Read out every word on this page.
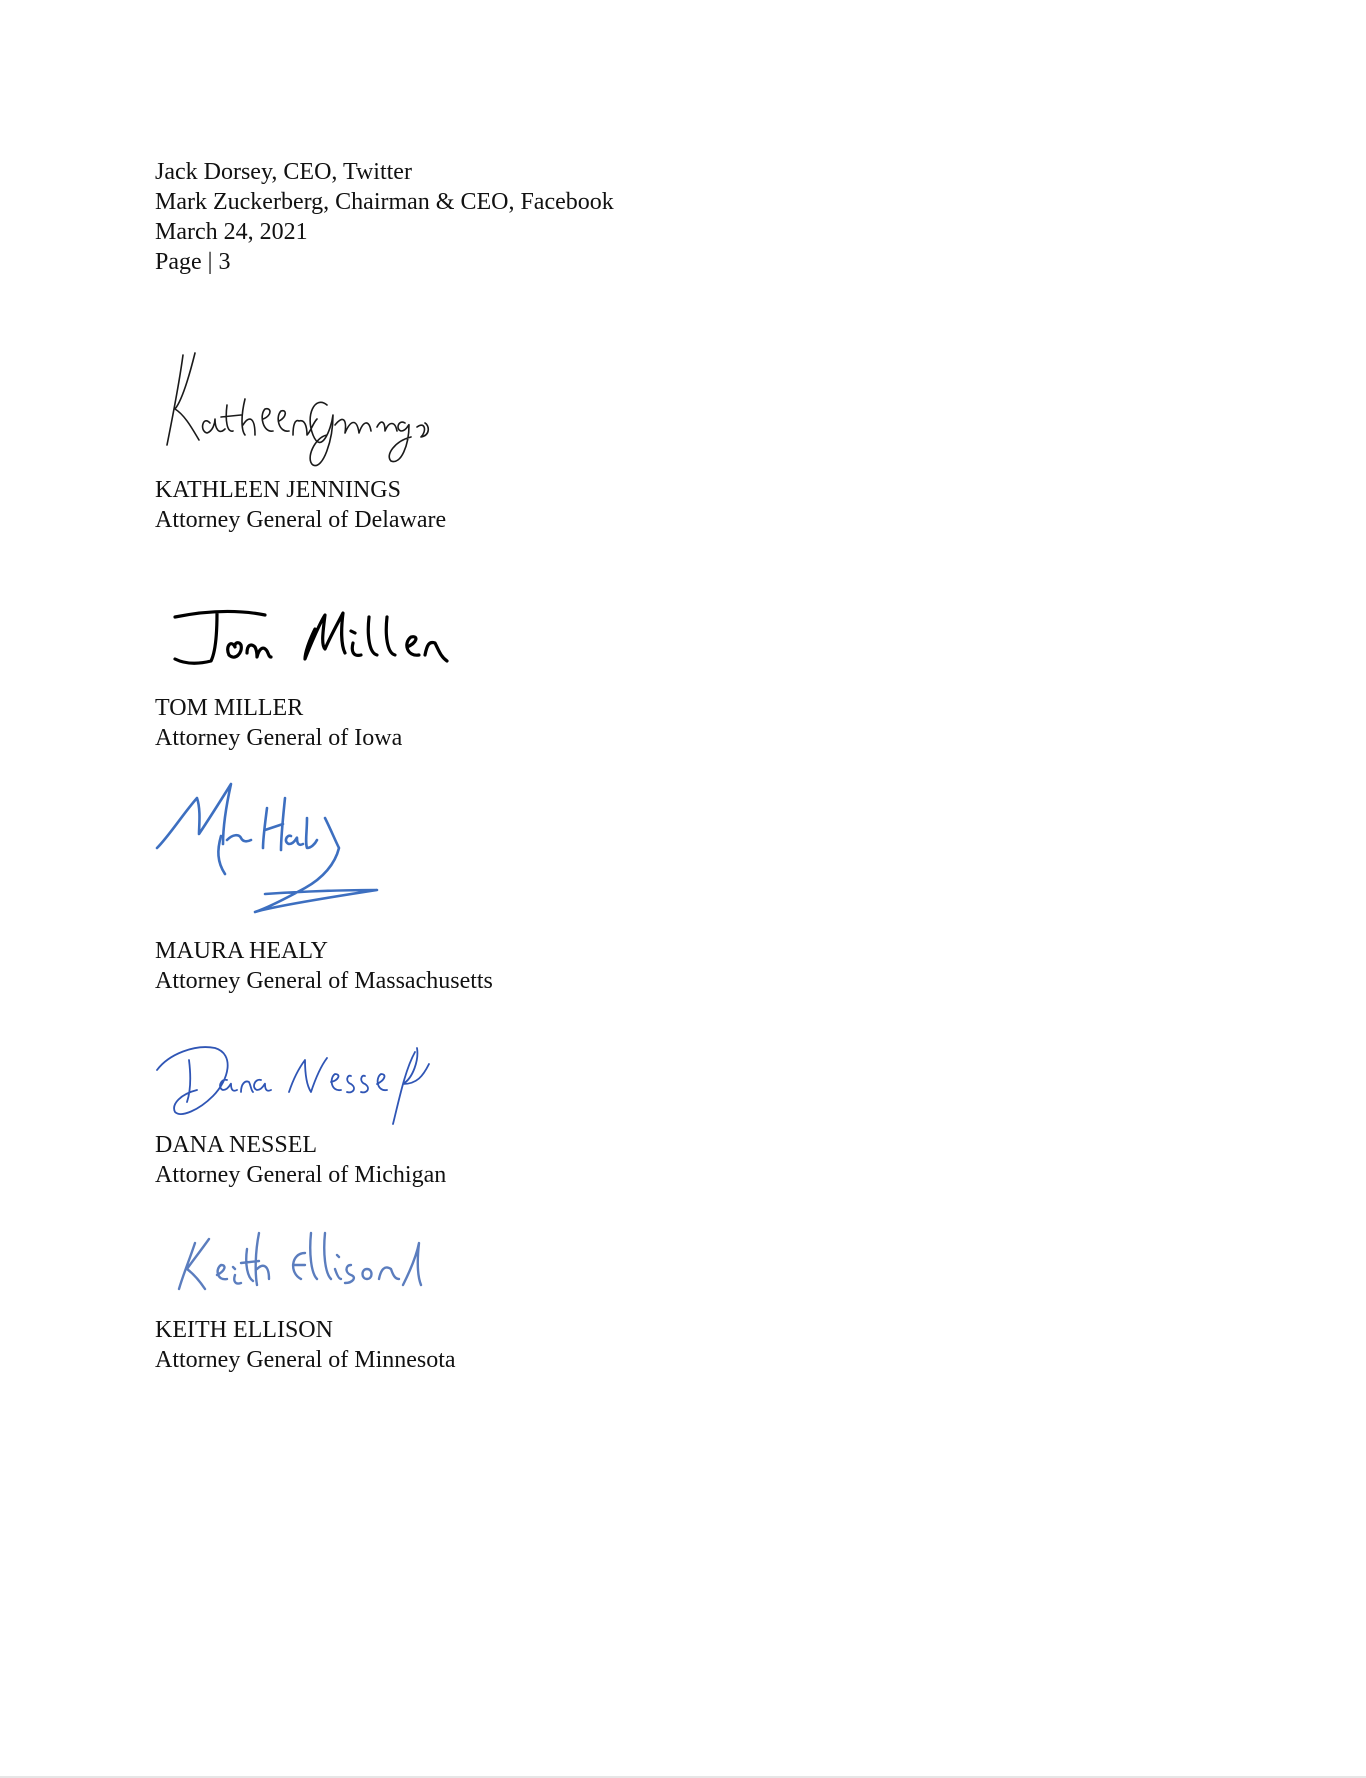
Jack Dorsey, CEO, Twitter
Mark Zuckerberg, Chairman & CEO, Facebook
March 24, 2021
Page | 3
KATHLEEN JENNINGS
Attorney General of Delaware
TOM MILLER
Attorney General of Iowa
MAURA HEALY
Attorney General of Massachusetts
DANA NESSEL
Attorney General of Michigan
KEITH ELLISON
Attorney General of Minnesota
